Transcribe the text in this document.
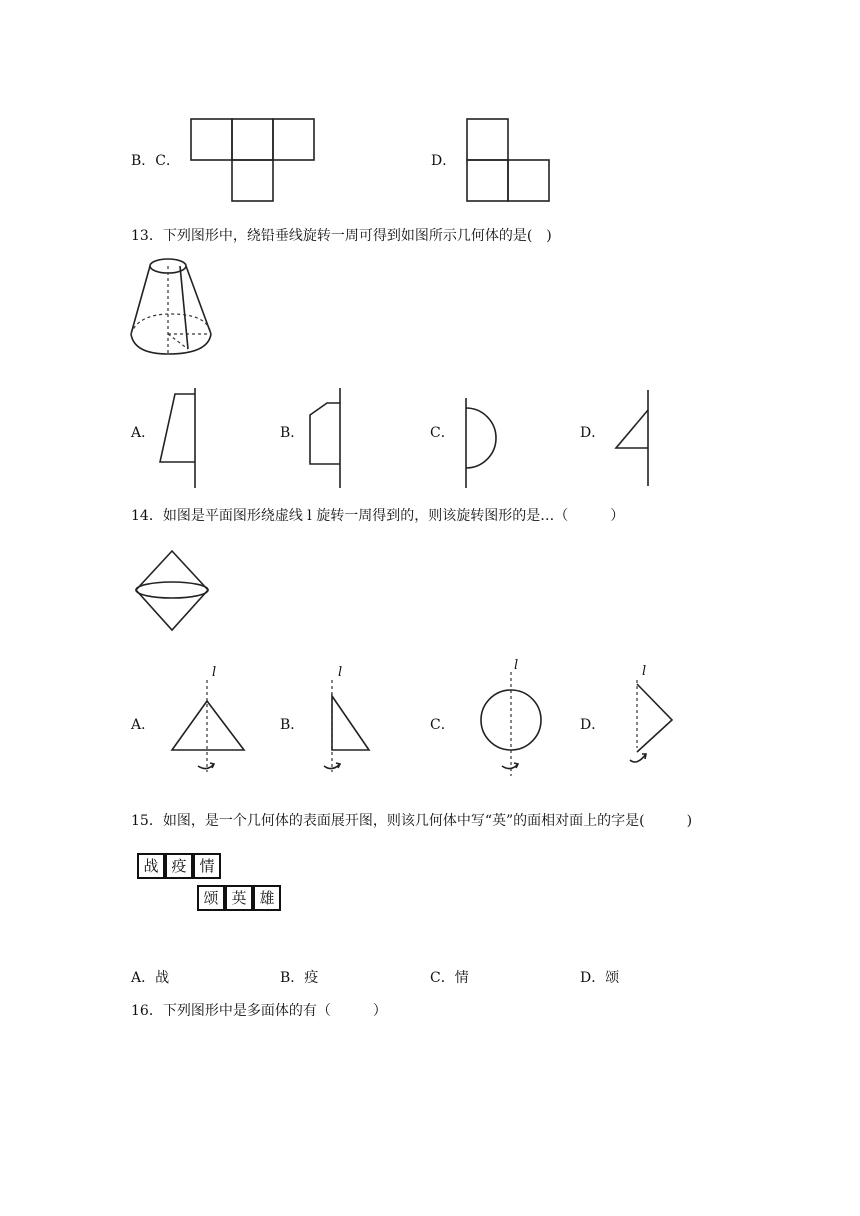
B．C．	D．
13．下列图形中，绕铅垂线旋转一周可得到如图所示几何体的是(　)
A．	B．	C．	D．
14．如图是平面图形绕虚线 l 旋转一周得到的，则该旋转图形的是…（　　　）
A．
l
B．
l
C．
l
D．
l
15．如图，是一个几何体的表面展开图，则该几何体中写“英”的面相对面上的字是(　　　)
战 疫 情
颂 英 雄
A．战	B．疫	C．情	D．颂
16．下列图形中是多面体的有（　　　）
